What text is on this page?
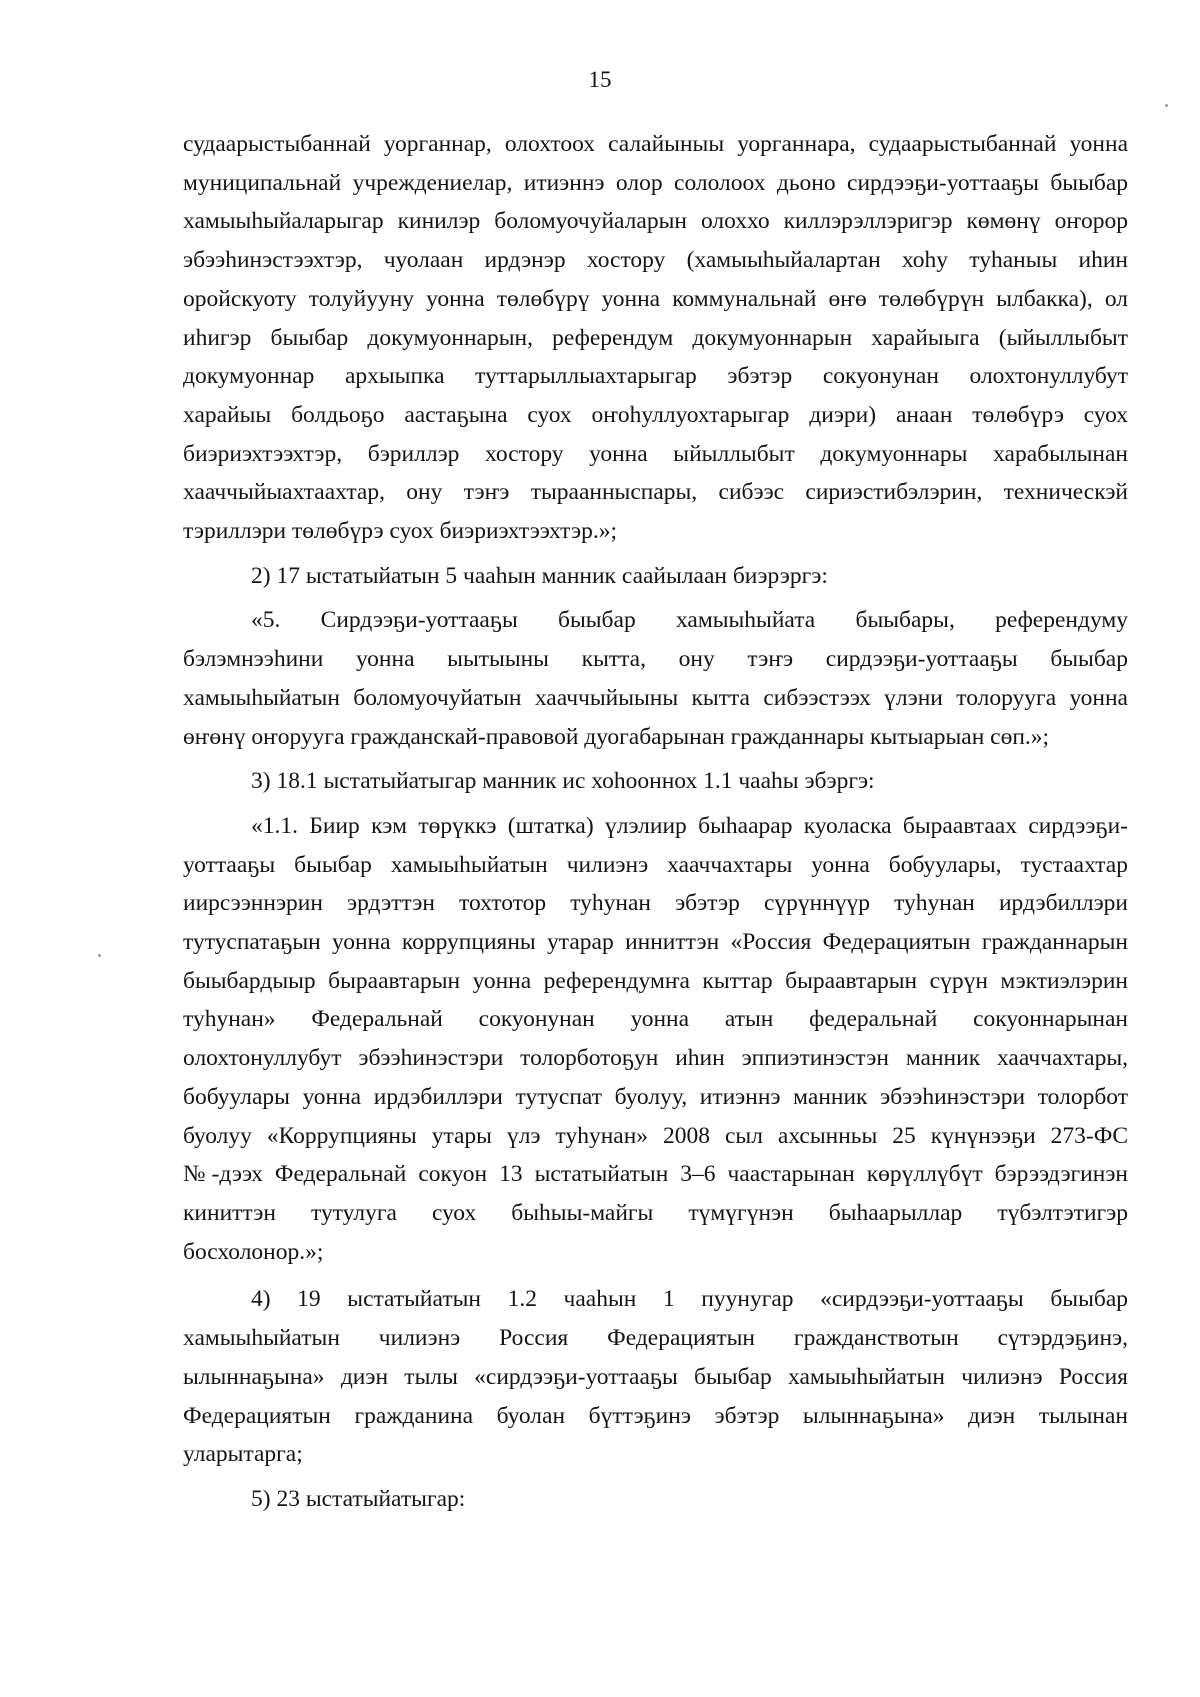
15

судаарыстыбаннай уорганнар, олохтоох салайыныы уорганнара, судаарыстыбаннай уонна
муниципальнай учреждениелар, итиэннэ олор сололоох дьоно сирдээҕи-уоттааҕы быыбар
хамыыһыйаларыгар кинилэр боломуочуйаларын олоххо киллэрэллэригэр көмөнү оҥорор
эбээһинэстээхтэр, чуолаан ирдэнэр хостору (хамыыһыйалартан хоһу туһаныы иһин
оройскуоту толуйууну уонна төлөбүрү уонна коммунальнай өҥө төлөбүрүн ылбакка), ол
иһигэр быыбар докумуоннарын, референдум докумуоннарын харайыыга (ыйыллыбыт
докумуоннар архыыпка туттарыллыахтарыгар эбэтэр сокуонунан олохтонуллубут
харайыы болдьоҕо аастаҕына суох оҥоһуллуохтарыгар диэри) анаан төлөбүрэ суох
биэриэхтээхтэр, бэриллэр хостору уонна ыйыллыбыт докумуоннары харабылынан
хааччыйыахтаахтар, ону тэҥэ тыраанныспары, сибээс сириэстибэлэрин, техническэй
тэриллэри төлөбүрэ суох биэриэхтээхтэр.»;

2) 17 ыстатыйатын 5 чааһын манник саайылаан биэрэргэ:

«5. Сирдээҕи-уоттааҕы быыбар хамыыһыйата быыбары, референдуму
бэлэмнээһини уонна ыытыыны кытта, ону тэҥэ сирдээҕи-уоттааҕы быыбар
хамыыһыйатын боломуочуйатын хааччыйыыны кытта сибээстээх үлэни толорууга уонна
өҥөнү оҥорууга гражданскай-правовой дуогабарынан гражданнары кытыарыан сөп.»;

3) 18.1 ыстатыйатыгар манник ис хоһооннох 1.1 чааһы эбэргэ:

«1.1. Биир кэм төрүккэ (штатка) үлэлиир быһаарар куоласка быраавтаах сирдээҕи-
уоттааҕы быыбар хамыыһыйатын чилиэнэ хааччахтары уонна бобуулары, тустаахтар
иирсээннэрин эрдэттэн тохтотор туһунан эбэтэр сүрүннүүр туһунан ирдэбиллэри
тутуспатаҕын уонна коррупцияны утарар инниттэн «Россия Федерациятын гражданнарын
быыбардыыр быраавтарын уонна референдумҥа кыттар быраавтарын сүрүн мэктиэлэрин
туһунан» Федеральнай сокуонунан уонна атын федеральнай сокуоннарынан
олохтонуллубут эбээһинэстэри толорботоҕун иһин эппиэтинэстэн манник хааччахтары,
бобуулары уонна ирдэбиллэри тутуспат буолуу, итиэннэ манник эбээһинэстэри толорбот
буолуу «Коррупцияны утары үлэ туһунан» 2008 сыл ахсынньы 25 күнүнээҕи 273-ФС
№-дээх Федеральнай сокуон 13 ыстатыйатын 3–6 чаастарынан көрүллүбүт бэрээдэгинэн
киниттэн тутулуга суох быһыы-майгы түмүгүнэн быһаарыллар түбэлтэтигэр
босхолонор.»;

4) 19 ыстатыйатын 1.2 чааһын 1 пуунугар «сирдээҕи-уоттааҕы быыбар
хамыыһыйатын чилиэнэ Россия Федерациятын гражданствотын сүтэрдэҕинэ,
ылыннаҕына» диэн тылы «сирдээҕи-уоттааҕы быыбар хамыыһыйатын чилиэнэ Россия
Федерациятын гражданина буолан бүттэҕинэ эбэтэр ылыннаҕына» диэн тылынан
уларытарга;

5) 23 ыстатыйатыгар:
